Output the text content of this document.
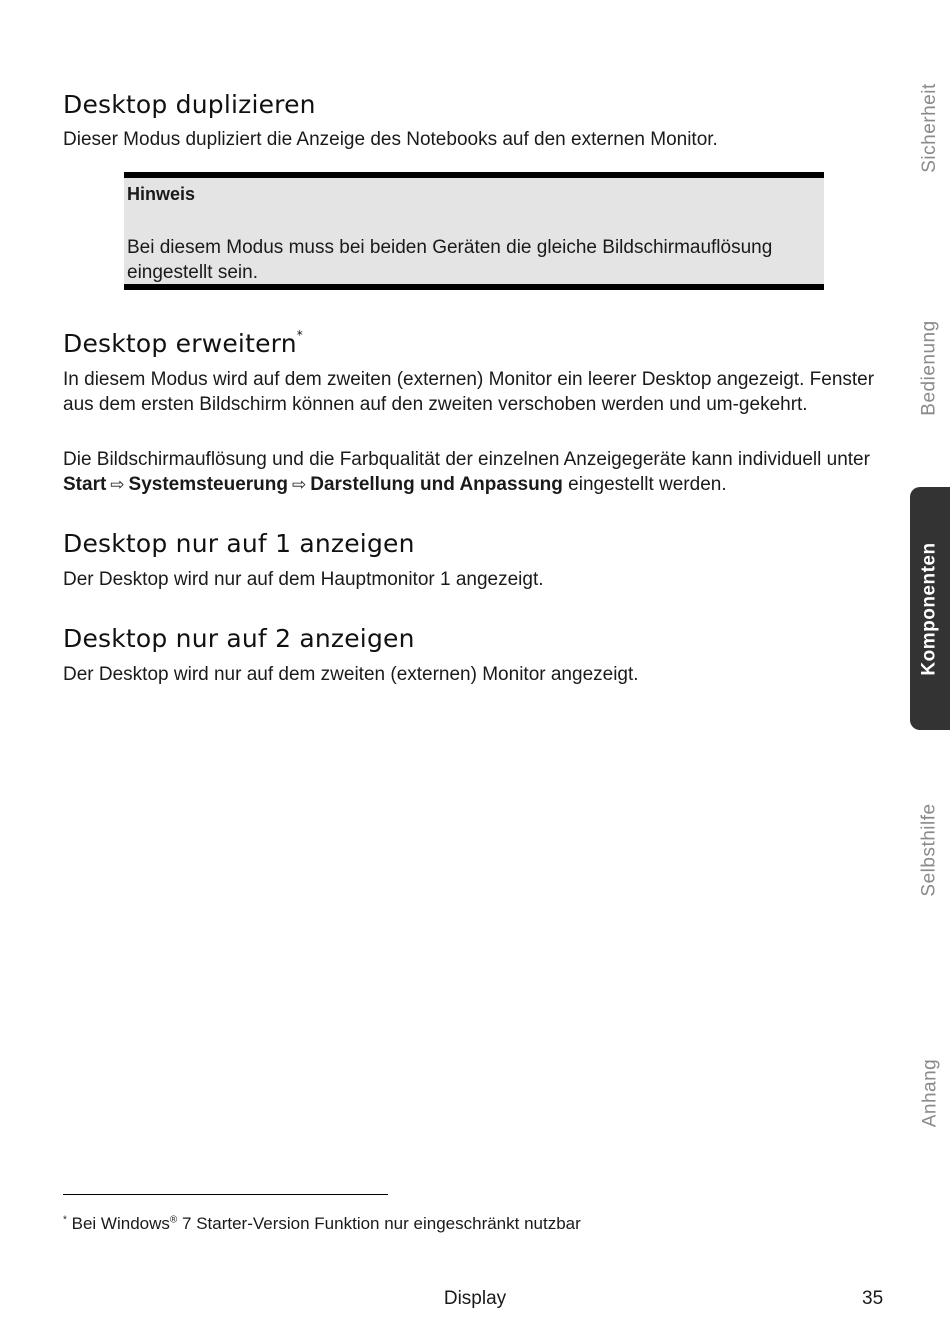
Desktop duplizieren

Dieser Modus dupliziert die Anzeige des Notebooks auf den externen Monitor.

Hinweis
Bei diesem Modus muss bei beiden Geräten die gleiche Bildschirmauflösung eingestellt sein.
Desktop erweitern*

In diesem Modus wird auf dem zweiten (externen) Monitor ein leerer Desktop angezeigt. Fenster aus dem ersten Bildschirm können auf den zweiten verschoben werden und um-gekehrt.

Die Bildschirmauflösung und die Farbqualität der einzelnen Anzeigegeräte kann individuell unter Start ⇨ Systemsteuerung ⇨ Darstellung und Anpassung eingestellt werden.

Desktop nur auf 1 anzeigen

Der Desktop wird nur auf dem Hauptmonitor 1 angezeigt.

Desktop nur auf 2 anzeigen

Der Desktop wird nur auf dem zweiten (externen) Monitor angezeigt.

Sicherheit
Bedienung
Komponenten
Selbsthilfe
Anhang
* Bei Windows® 7 Starter-Version Funktion nur eingeschränkt nutzbar
Display	35
